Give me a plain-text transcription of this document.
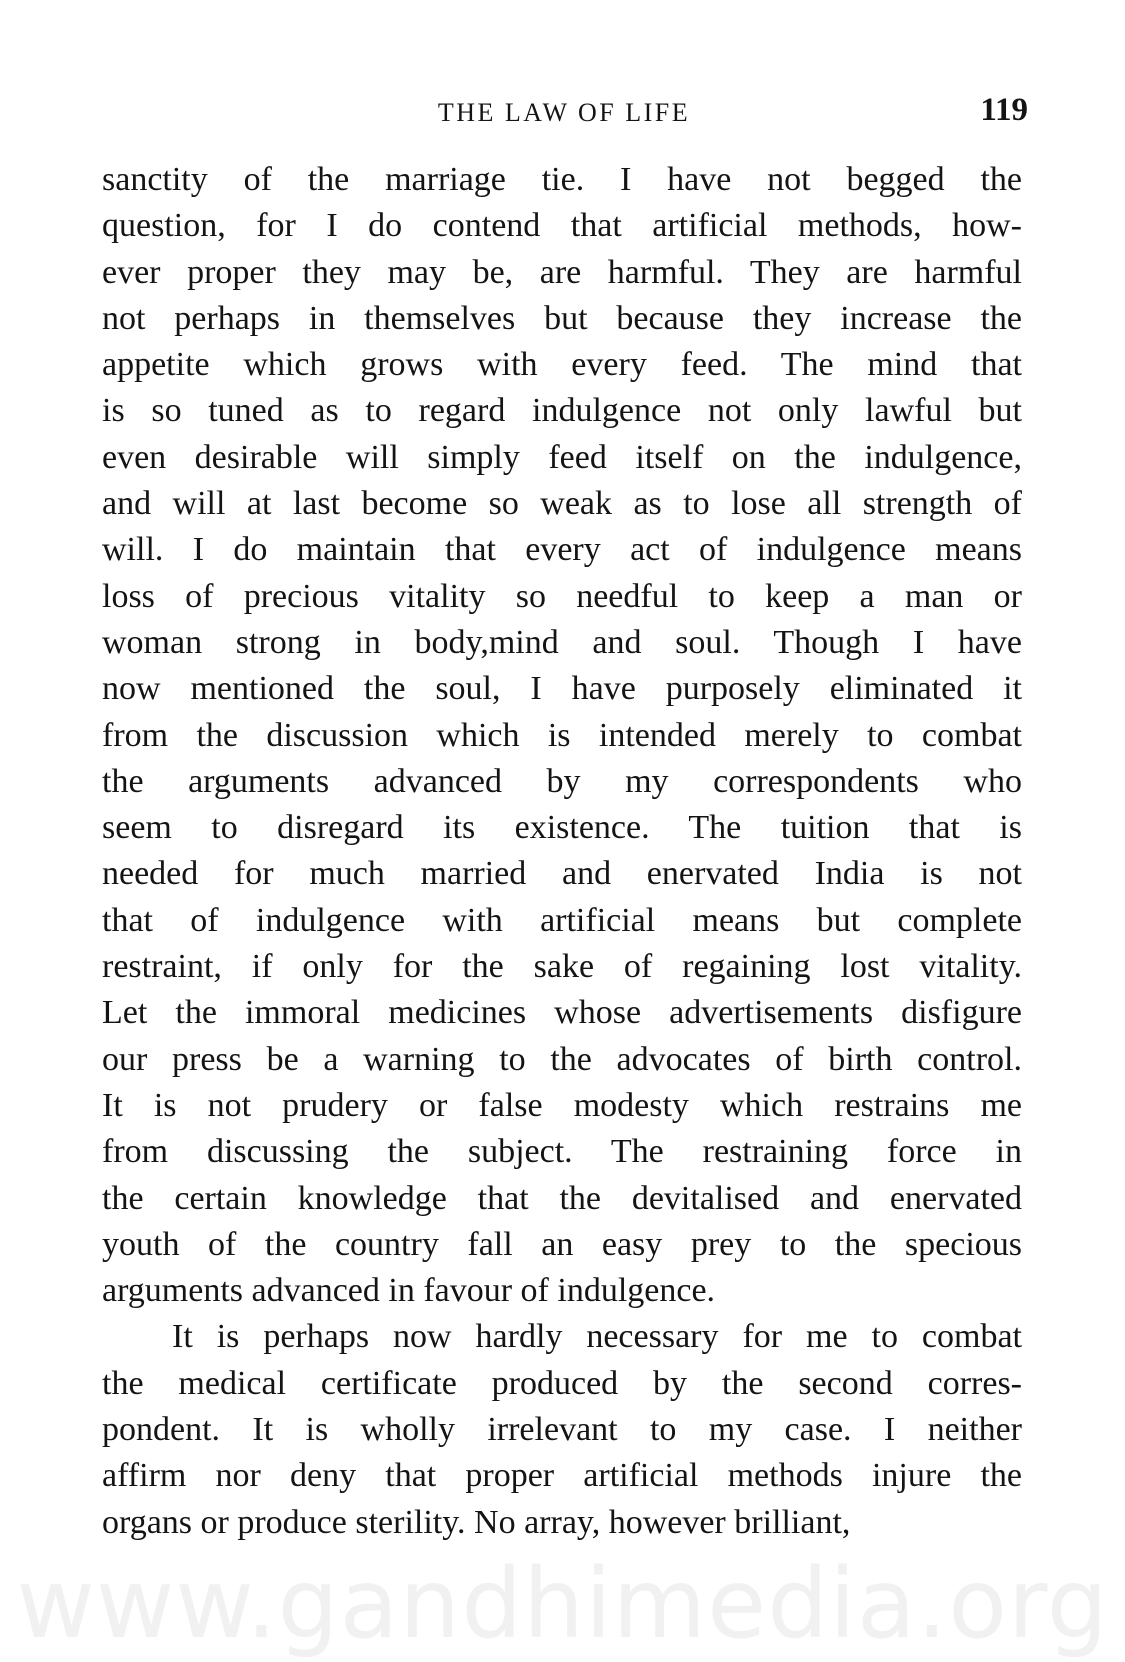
THE LAW OF LIFE	119
sanctity of the marriage tie. I have not begged the
question, for I do contend that artificial methods, how-
ever proper they may be, are harmful. They are harmful
not perhaps in themselves but because they increase the
appetite which grows with every feed. The mind that
is so tuned as to regard indulgence not only lawful but
even desirable will simply feed itself on the indulgence,
and will at last become so weak as to lose all strength of
will. I do maintain that every act of indulgence means
loss of precious vitality so needful to keep a man or
woman strong in body,mind and soul. Though I have
now mentioned the soul, I have purposely eliminated it
from the discussion which is intended merely to combat
the arguments advanced by my correspondents who
seem to disregard its existence. The tuition that is
needed for much married and enervated India is not
that of indulgence with artificial means but complete
restraint, if only for the sake of regaining lost vitality.
Let the immoral medicines whose advertisements disfigure
our press be a warning to the advocates of birth control.
It is not prudery or false modesty which restrains me
from discussing the subject. The restraining force in
the certain knowledge that the devitalised and enervated
youth of the country fall an easy prey to the specious
arguments advanced in favour of indulgence.
It is perhaps now hardly necessary for me to combat
the medical certificate produced by the second corres-
pondent. It is wholly irrelevant to my case. I neither
affirm nor deny that proper artificial methods injure the
organs or produce sterility. No array, however brilliant,
www.gandhimedia.org
